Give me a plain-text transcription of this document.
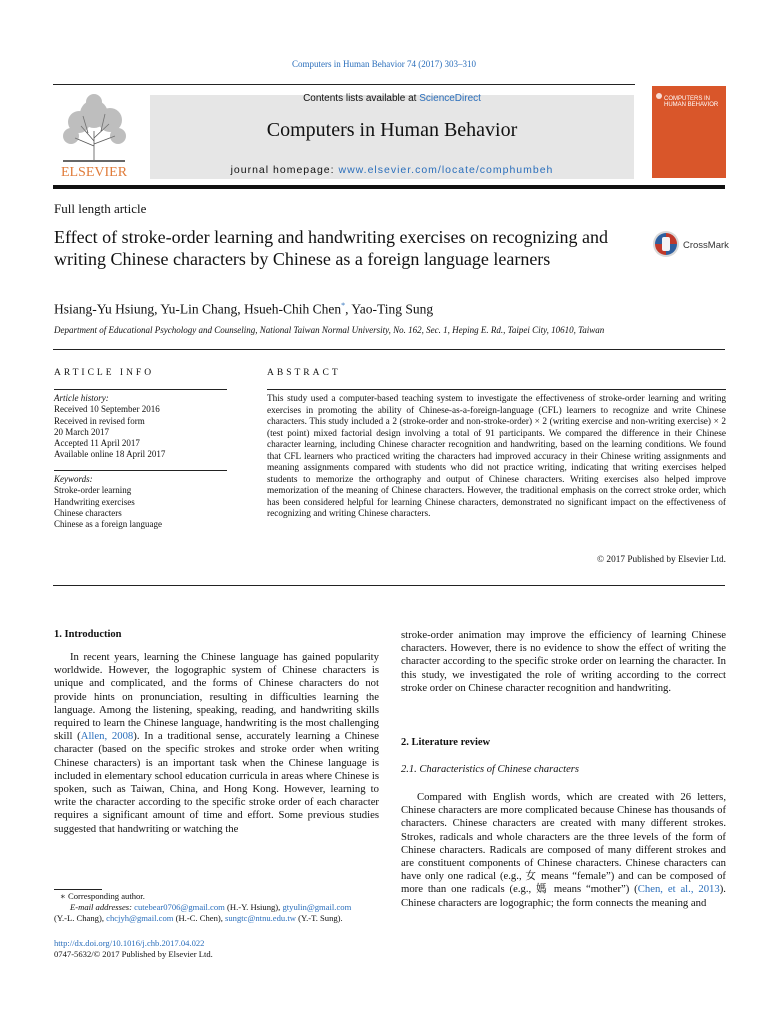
Computers in Human Behavior 74 (2017) 303–310
ELSEVIER
Contents lists available at ScienceDirect
Computers in Human Behavior
journal homepage: www.elsevier.com/locate/comphumbeh
COMPUTERS IN HUMAN BEHAVIOR
Full length article
Effect of stroke-order learning and handwriting exercises on recognizing and writing Chinese characters by Chinese as a foreign language learners
CrossMark
Hsiang-Yu Hsiung, Yu-Lin Chang, Hsueh-Chih Chen*, Yao-Ting Sung
Department of Educational Psychology and Counseling, National Taiwan Normal University, No. 162, Sec. 1, Heping E. Rd., Taipei City, 10610, Taiwan
ARTICLE INFO	ABSTRACT
Article history:
Received 10 September 2016
Received in revised form
20 March 2017
Accepted 11 April 2017
Available online 18 April 2017
Keywords:
Stroke-order learning
Handwriting exercises
Chinese characters
Chinese as a foreign language
This study used a computer-based teaching system to investigate the effectiveness of stroke-order learning and writing exercises in promoting the ability of Chinese-as-a-foreign-language (CFL) learners to recognize and write Chinese characters. This study included a 2 (stroke-order and non-stroke-order) × 2 (writing exercise and non-writing exercise) × 2 (test point) mixed factorial design involving a total of 91 participants. We compared the difference in their Chinese character learning, including Chinese character recognition and handwriting, based on the learning conditions. We found that CFL learners who practiced writing the characters had improved accuracy in their Chinese writing assignments and meaning assignments compared with students who did not practice writing, indicating that writing exercises helped students to memorize the orthography and output of Chinese characters. Writing exercises also helped improve memorization of the meaning of Chinese characters. However, the traditional emphasis on the correct stroke order, which has been considered helpful for learning Chinese characters, demonstrated no significant impact on the effectiveness of recognizing and writing Chinese characters.
© 2017 Published by Elsevier Ltd.
1. Introduction

In recent years, learning the Chinese language has gained popularity worldwide. However, the logographic system of Chinese characters is unique and complicated, and the forms of Chinese characters do not provide hints on pronunciation, resulting in difficulties learning the language. Among the listening, speaking, reading, and handwriting skills required to learn the Chinese language, handwriting is the most challenging skill (Allen, 2008). In a traditional sense, accurately learning a Chinese character (based on the specific strokes and stroke order when writing Chinese characters) is an important task when the Chinese language is included in elementary school education curricula in areas where Chinese is spoken, such as Taiwan, China, and Hong Kong. However, learning to write the character according to the specific stroke order of each character requires a significant amount of time and effort. Some previous studies suggested that handwriting or watching the

stroke-order animation may improve the efficiency of learning Chinese characters. However, there is no evidence to show the effect of writing the character according to the specific stroke order on learning the character. In this study, we investigated the role of writing according to the correct stroke order on Chinese character recognition and handwriting.
2. Literature review
2.1. Characteristics of Chinese characters
Compared with English words, which are created with 26 letters, Chinese characters are more complicated because Chinese has thousands of characters. Chinese characters are created with many different strokes. Strokes, radicals and whole characters are the three levels of the form of Chinese characters. Radicals are composed of many different strokes and are constituent components of Chinese characters. Chinese characters can have only one radical (e.g., 女 means “female”) and can be composed of more than one radicals (e.g., 媽 means “mother”) (Chen, et al., 2013). Chinese characters are logographic; the form connects the meaning and
∗ Corresponding author.
E-mail addresses: cutebear0706@gmail.com (H.-Y. Hsiung), gtyulin@gmail.com
(Y.-L. Chang), chcjyh@gmail.com (H.-C. Chen), sungtc@ntnu.edu.tw (Y.-T. Sung).
http://dx.doi.org/10.1016/j.chb.2017.04.022
0747-5632/© 2017 Published by Elsevier Ltd.
